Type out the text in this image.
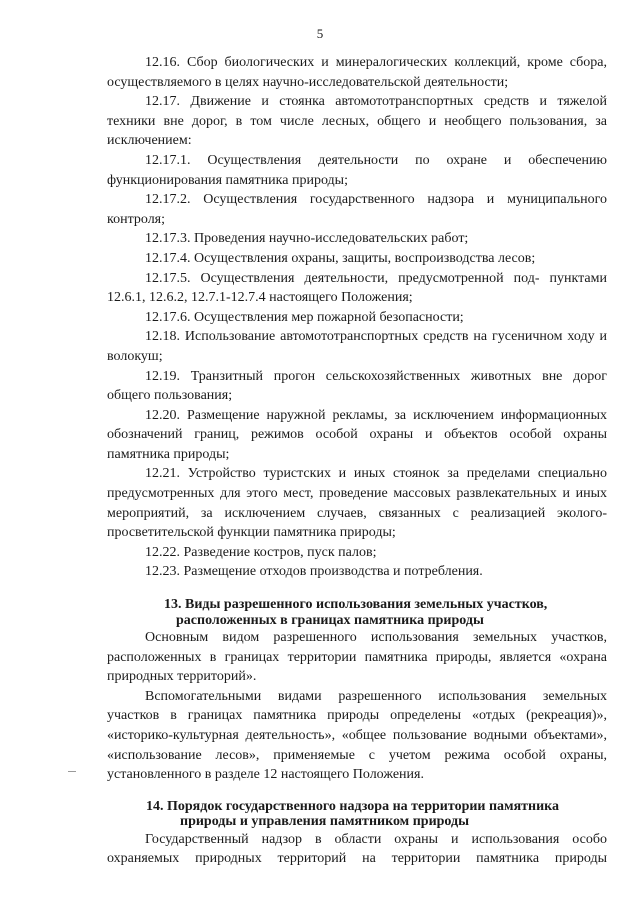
5

12.16. Сбор биологических и минералогических коллекций, кроме сбора, осуществляемого в целях научно-исследовательской деятельности;

12.17. Движение и стоянка автомототранспортных средств и тяжелой техники вне дорог, в том числе лесных, общего и необщего пользования, за исключением:

12.17.1. Осуществления деятельности по охране и обеспечению функционирования памятника природы;

12.17.2. Осуществления государственного надзора и муниципального контроля;

12.17.3. Проведения научно-исследовательских работ;

12.17.4. Осуществления охраны, защиты, воспроизводства лесов;

12.17.5. Осуществления деятельности, предусмотренной под- пунктами 12.6.1, 12.6.2, 12.7.1-12.7.4 настоящего Положения;

12.17.6. Осуществления мер пожарной безопасности;

12.18. Использование автомототранспортных средств на гусеничном ходу и волокуш;

12.19. Транзитный прогон сельскохозяйственных животных вне дорог общего пользования;

12.20. Размещение наружной рекламы, за исключением информационных обозначений границ, режимов особой охраны и объектов особой охраны памятника природы;

12.21. Устройство туристских и иных стоянок за пределами специально предусмотренных для этого мест, проведение массовых развлекательных и иных мероприятий, за исключением случаев, связанных с реализацией эколого-просветительской функции памятника природы;

12.22. Разведение костров, пуск палов;

12.23. Размещение отходов производства и потребления.

13. Виды разрешенного использования земельных участков,

расположенных в границах памятника природы

Основным видом разрешенного использования земельных участков, расположенных в границах территории памятника природы, является «охрана природных территорий».

Вспомогательными видами разрешенного использования земельных участков в границах памятника природы определены «отдых (рекреация)», «историко-культурная деятельность», «общее пользование водными объектами», «использование лесов», применяемые с учетом режима особой охраны, установленного в разделе 12 настоящего Положения.

14. Порядок государственного надзора на территории памятника

природы и управления памятником природы

Государственный надзор в области охраны и использования особо охраняемых природных территорий на территории памятника природы
